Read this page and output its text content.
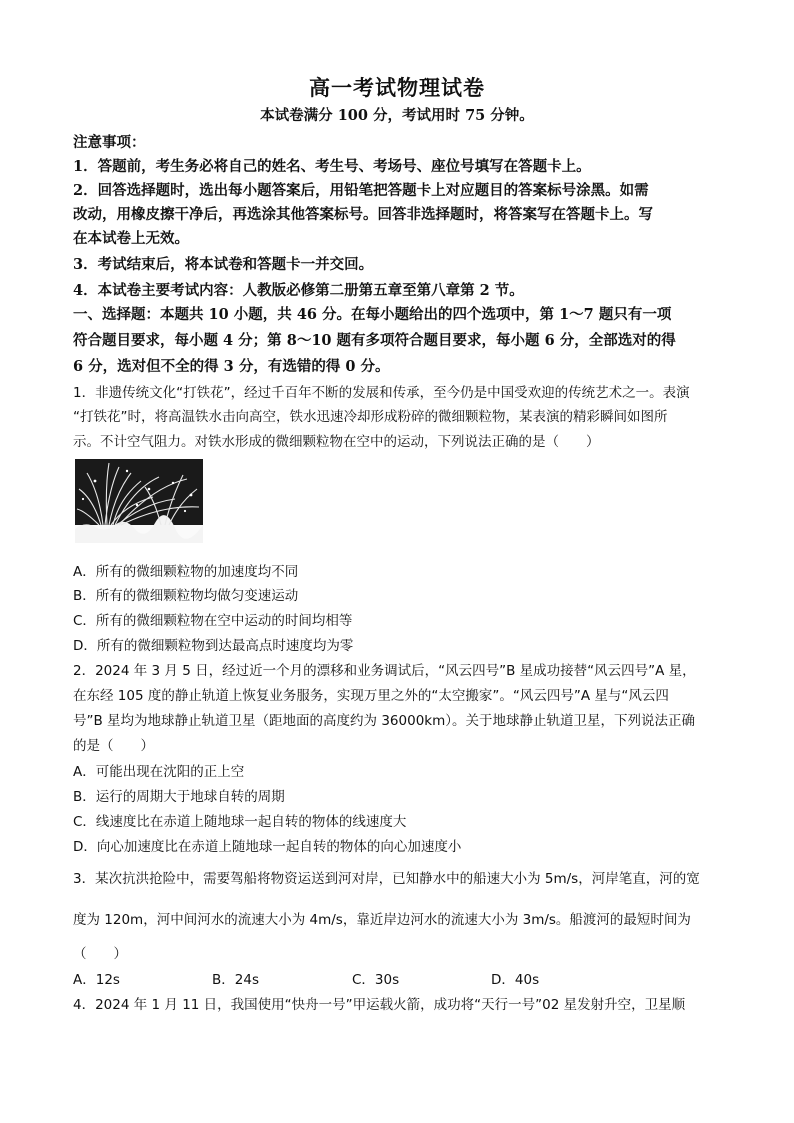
高一考试物理试卷
本试卷满分 100 分，考试用时 75 分钟。
注意事项：
1．答题前，考生务必将自己的姓名、考生号、考场号、座位号填写在答题卡上。
2．回答选择题时，选出每小题答案后，用铅笔把答题卡上对应题目的答案标号涂黑。如需
改动，用橡皮擦干净后，再选涂其他答案标号。回答非选择题时，将答案写在答题卡上。写
在本试卷上无效。
3．考试结束后，将本试卷和答题卡一并交回。
4．本试卷主要考试内容：人教版必修第二册第五章至第八章第 2 节。
一、选择题：本题共 10 小题，共 46 分。在每小题给出的四个选项中，第 1～7 题只有一项
符合题目要求，每小题 4 分；第 8～10 题有多项符合题目要求，每小题 6 分，全部选对的得
6 分，选对但不全的得 3 分，有选错的得 0 分。
1．非遗传统文化“打铁花”，经过千百年不断的发展和传承，至今仍是中国受欢迎的传统艺术之一。表演
“打铁花”时，将高温铁水击向高空，铁水迅速冷却形成粉碎的微细颗粒物，某表演的精彩瞬间如图所
示。不计空气阻力。对铁水形成的微细颗粒物在空中的运动，下列说法正确的是（　　）
A．所有的微细颗粒物的加速度均不同
B．所有的微细颗粒物均做匀变速运动
C．所有的微细颗粒物在空中运动的时间均相等
D．所有的微细颗粒物到达最高点时速度均为零
2．2024 年 3 月 5 日，经过近一个月的漂移和业务调试后，“风云四号”B 星成功接替“风云四号”A 星，
在东经 105 度的静止轨道上恢复业务服务，实现万里之外的“太空搬家”。“风云四号”A 星与“风云四
号”B 星均为地球静止轨道卫星（距地面的高度约为 36000km）。关于地球静止轨道卫星，下列说法正确
的是（　　）
A．可能出现在沈阳的正上空
B．运行的周期大于地球自转的周期
C．线速度比在赤道上随地球一起自转的物体的线速度大
D．向心加速度比在赤道上随地球一起自转的物体的向心加速度小
3．某次抗洪抢险中，需要驾船将物资运送到河对岸，已知静水中的船速大小为 5m/s，河岸笔直，河的宽
度为 120m，河中间河水的流速大小为 4m/s，靠近岸边河水的流速大小为 3m/s。船渡河的最短时间为
（　　）
A．12s	B．24s	C．30s	D．40s
4．2024 年 1 月 11 日，我国使用“快舟一号”甲运载火箭，成功将“天行一号”02 星发射升空，卫星顺
